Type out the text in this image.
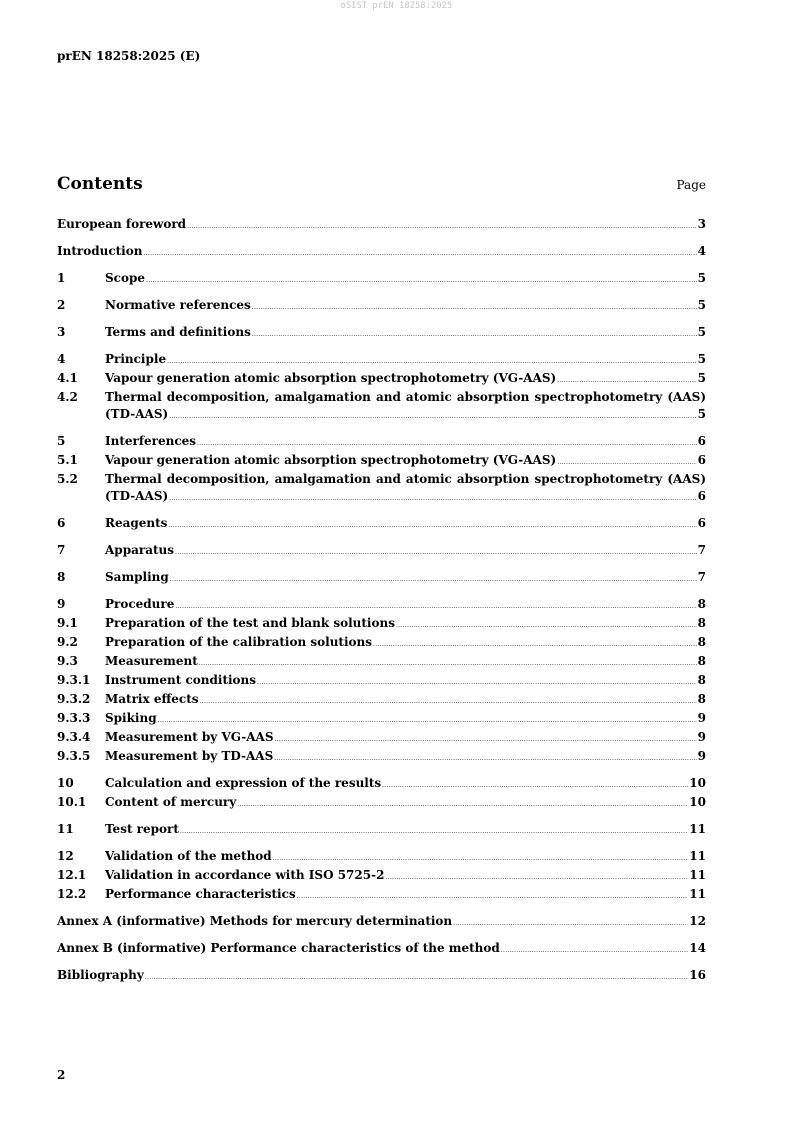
oSIST prEN 18258:2025
prEN 18258:2025 (E)
Contents	Page
European foreword .....	3
Introduction .....	4
1	Scope .....	5
2	Normative references .....	5
3	Terms and definitions .....	5
4	Principle .....	5
4.1	Vapour generation atomic absorption spectrophotometry (VG-AAS) .....	5
4.2	Thermal decomposition, amalgamation and atomic absorption spectrophotometry (AAS)
(TD-AAS) .....	5
5	Interferences .....	6
5.1	Vapour generation atomic absorption spectrophotometry (VG-AAS) .....	6
5.2	Thermal decomposition, amalgamation and atomic absorption spectrophotometry (AAS)
(TD-AAS) .....	6
6	Reagents .....	6
7	Apparatus .....	7
8	Sampling .....	7
9	Procedure .....	8
9.1	Preparation of the test and blank solutions .....	8
9.2	Preparation of the calibration solutions .....	8
9.3	Measurement .....	8
9.3.1	Instrument conditions .....	8
9.3.2	Matrix effects .....	8
9.3.3	Spiking .....	9
9.3.4	Measurement by VG-AAS .....	9
9.3.5	Measurement by TD-AAS .....	9
10	Calculation and expression of the results .....	10
10.1	Content of mercury .....	10
11	Test report .....	11
12	Validation of the method .....	11
12.1	Validation in accordance with ISO 5725-2 .....	11
12.2	Performance characteristics .....	11
Annex A (informative) Methods for mercury determination .....	12
Annex B (informative) Performance characteristics of the method .....	14
Bibliography .....	16
2
